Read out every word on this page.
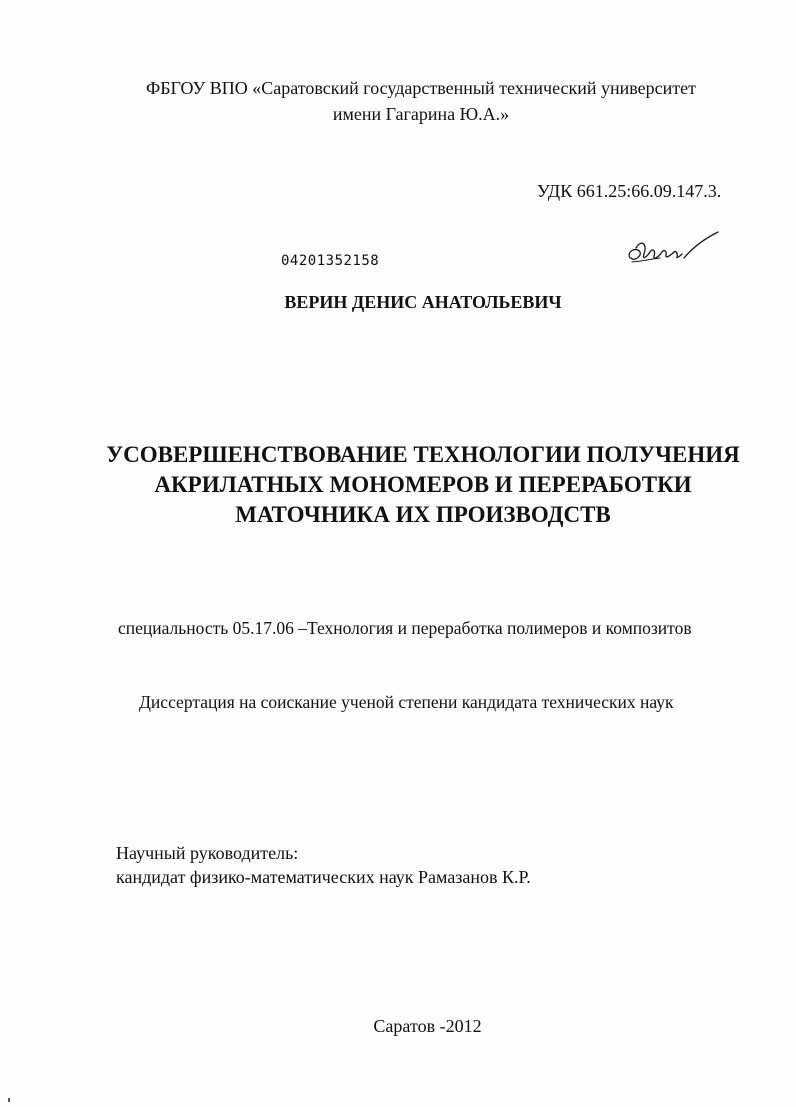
ФБГОУ ВПО «Саратовский государственный технический университет
имени Гагарина Ю.А.»
УДК 661.25:66.09.147.3.
04201352158
ВЕРИН ДЕНИС АНАТОЛЬЕВИЧ
УСОВЕРШЕНСТВОВАНИЕ ТЕХНОЛОГИИ ПОЛУЧЕНИЯ
АКРИЛАТНЫХ МОНОМЕРОВ И ПЕРЕРАБОТКИ
МАТОЧНИКА ИХ ПРОИЗВОДСТВ
специальность 05.17.06 –Технология и переработка полимеров и композитов
Диссертация на соискание ученой степени кандидата технических наук
Научный руководитель:
кандидат физико-математических наук Рамазанов К.Р.
Саратов -2012
